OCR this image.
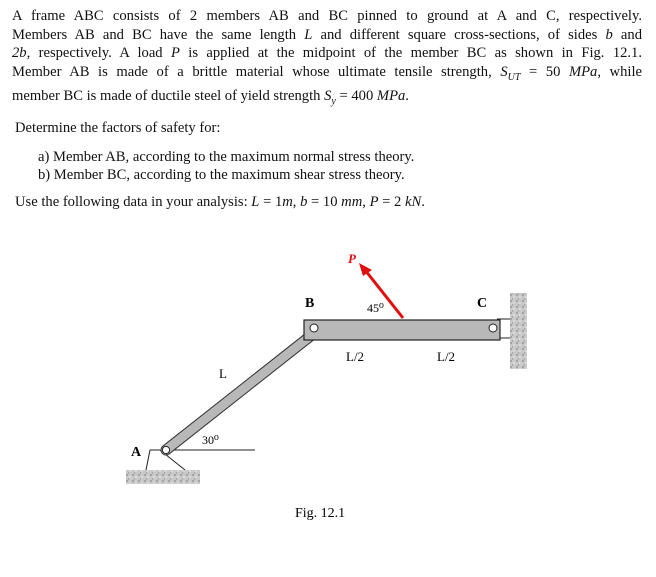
A frame ABC consists of 2 members AB and BC pinned to ground at A and C, respectively.
Members AB and BC have the same length L and different square cross-sections, of sides b and
2b, respectively. A load P is applied at the midpoint of the member BC as shown in Fig. 12.1.
Member AB is made of a brittle material whose ultimate tensile strength, $S_{UT} = 50$ MPa, while
member BC is made of ductile steel of yield strength $S_y = 400$ MPa.
Determine the factors of safety for:
a) Member AB, according to the maximum normal stress theory.
b) Member BC, according to the maximum shear stress theory.
Use the following data in your analysis: L = 1m, b = 10 mm, P = 2 kN.
P
B	C
A
L
45⁰
30⁰
L/2	L/2
Fig. 12.1
